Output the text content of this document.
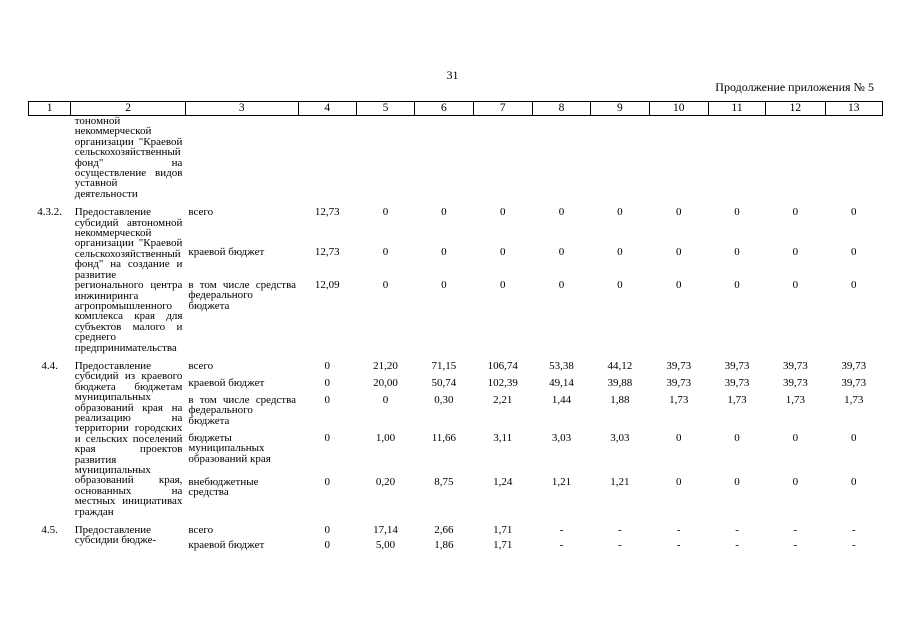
31
Продолжение приложения № 5
1	2	3	4	5	6	7	8	9	10	11	12	13
	тономной некоммерческой организации "Краевой сельскохозяйственный фонд" на осуществление видов уставной деятельности											
4.3.2.	Предоставление субсидий автономной некоммерческой организации "Краевой сельскохозяйственный фонд" на создание и развитие регионального центра инжиниринга агропромышленного комплекса края для субъектов малого и среднего предпринимательства	всего	12,73	0	0	0	0	0	0	0	0	0
		краевой бюджет	12,73	0	0	0	0	0	0	0	0	0
		в том числе средства федерального бюджета	12,09	0	0	0	0	0	0	0	0	0
4.4.	Предоставление субсидий из краевого бюджета бюджетам муниципальных образований края на реализацию на территории городских и сельских поселений края проектов развития муниципальных образований края, основанных на местных инициативах граждан	всего	0	21,20	71,15	106,74	53,38	44,12	39,73	39,73	39,73	39,73
		краевой бюджет	0	20,00	50,74	102,39	49,14	39,88	39,73	39,73	39,73	39,73
		в том числе средства федерального бюджета	0	0	0,30	2,21	1,44	1,88	1,73	1,73	1,73	1,73
		бюджеты муниципальных образований края	0	1,00	11,66	3,11	3,03	3,03	0	0	0	0
		внебюджетные средства	0	0,20	8,75	1,24	1,21	1,21	0	0	0	0
4.5.	Предоставление субсидии бюдже-	всего	0	17,14	2,66	1,71	-	-	-	-	-	-
		краевой бюджет	0	5,00	1,86	1,71	-	-	-	-	-	-
